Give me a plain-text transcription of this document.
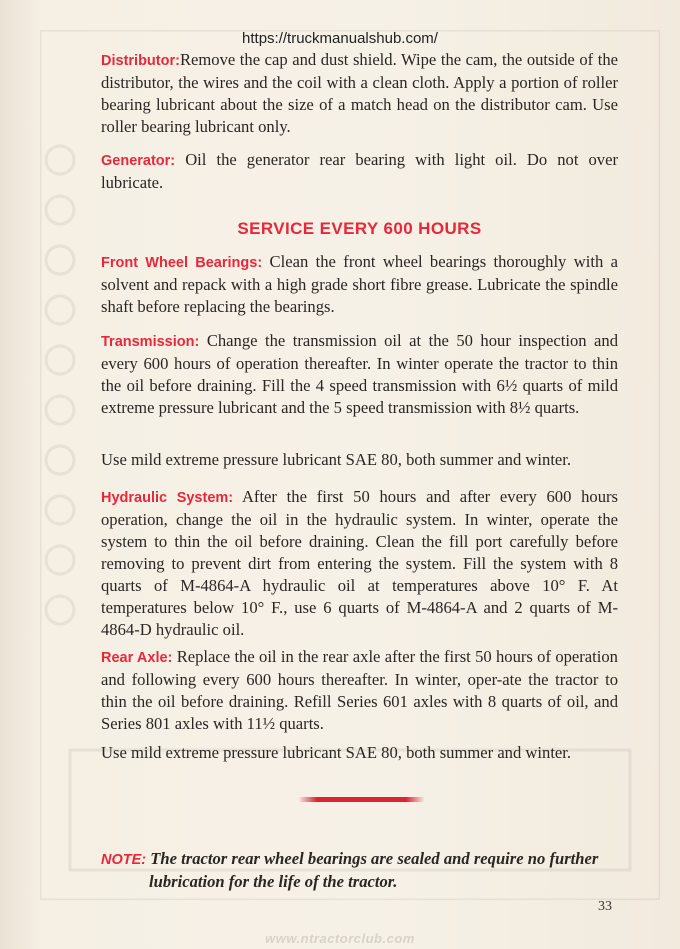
https://truckmanualshub.com/
Distributor:Remove the cap and dust shield. Wipe the cam, the outside of the distributor, the wires and the coil with a clean cloth. Apply a portion of roller bearing lubricant about the size of a match head on the distributor cam. Use roller bearing lubricant only.
Generator: Oil the generator rear bearing with light oil. Do not over lubricate.
SERVICE EVERY 600 HOURS
Front Wheel Bearings: Clean the front wheel bearings thoroughly with a solvent and repack with a high grade short fibre grease. Lubricate the spindle shaft before replacing the bearings.
Transmission: Change the transmission oil at the 50 hour inspection and every 600 hours of operation thereafter. In winter operate the tractor to thin the oil before draining. Fill the 4 speed transmission with 6½ quarts of mild extreme pressure lubricant and the 5 speed transmission with 8½ quarts.
Use mild extreme pressure lubricant SAE 80, both summer and winter.
Hydraulic System: After the first 50 hours and after every 600 hours operation, change the oil in the hydraulic system. In winter, operate the system to thin the oil before draining. Clean the fill port carefully before removing to prevent dirt from entering the system. Fill the system with 8 quarts of M-4864-A hydraulic oil at temperatures above 10° F. At temperatures below 10° F., use 6 quarts of M-4864-A and 2 quarts of M-4864-D hydraulic oil.
Rear Axle: Replace the oil in the rear axle after the first 50 hours of operation and following every 600 hours thereafter. In winter, oper-ate the tractor to thin the oil before draining. Refill Series 601 axles with 8 quarts of oil, and Series 801 axles with 11½ quarts.
Use mild extreme pressure lubricant SAE 80, both summer and winter.
NOTE: The tractor rear wheel bearings are sealed and require no further
lubrication for the life of the tractor.
33
www.ntractorclub.com
